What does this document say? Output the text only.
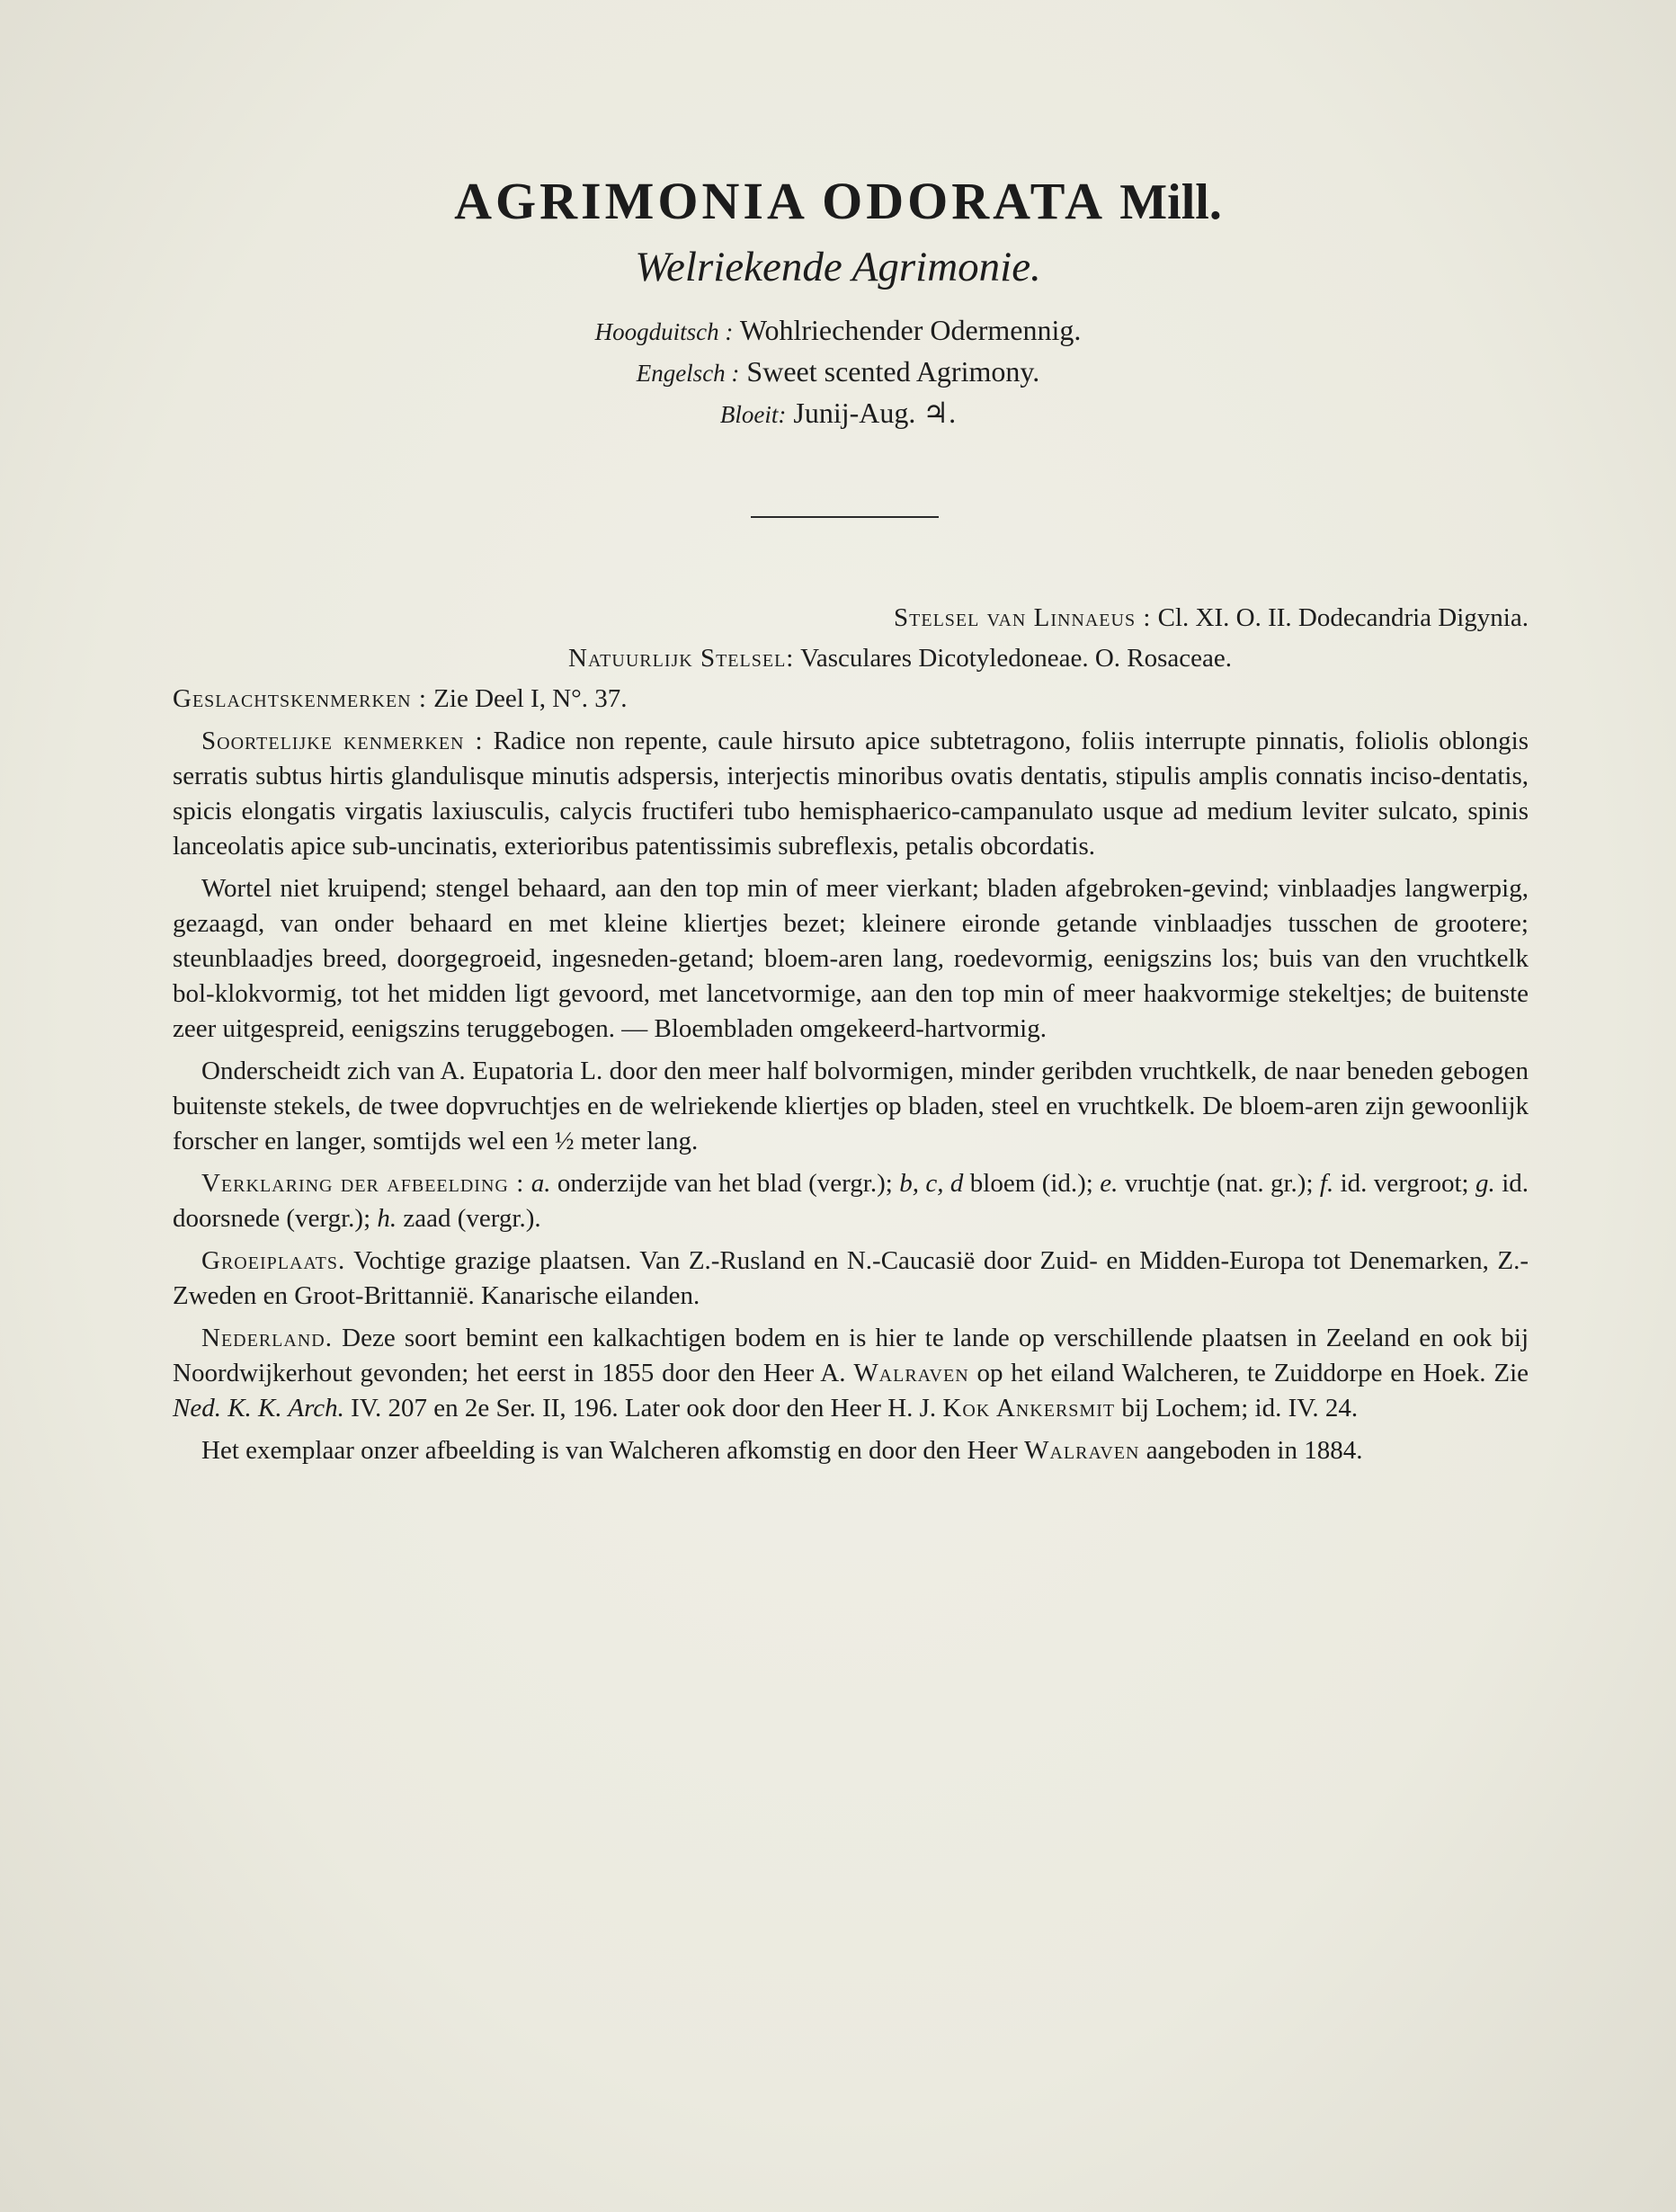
AGRIMONIA ODORATA Mill.
Welriekende Agrimonie.
Hoogduitsch : Wohlriechender Odermennig.
Engelsch : Sweet scented Agrimony.
Bloeit: Junij-Aug. ♃.

Stelsel van Linnaeus : Cl. XI. O. II. Dodecandria Digynia.

Natuurlijk Stelsel: Vasculares Dicotyledoneae. O. Rosaceae.

Geslachtskenmerken : Zie Deel I, N°. 37.

Soortelijke kenmerken : Radice non repente, caule hirsuto apice subtetragono, foliis interrupte pinnatis, foliolis oblongis serratis subtus hirtis glandulisque minutis adspersis, interjectis minoribus ovatis dentatis, stipulis amplis connatis inciso-dentatis, spicis elongatis virgatis laxiusculis, calycis fructiferi tubo hemisphaerico-campanulato usque ad medium leviter sulcato, spinis lanceolatis apice sub-uncinatis, exterioribus patentissimis subreflexis, petalis obcordatis.

Wortel niet kruipend; stengel behaard, aan den top min of meer vierkant; bladen afgebroken-gevind; vinblaadjes langwerpig, gezaagd, van onder behaard en met kleine kliertjes bezet; kleinere eironde getande vinblaadjes tusschen de grootere; steunblaadjes breed, doorgegroeid, ingesneden-getand; bloem-aren lang, roedevormig, eenigszins los; buis van den vruchtkelk bol-klokvormig, tot het midden ligt gevoord, met lancetvormige, aan den top min of meer haakvormige stekeltjes; de buitenste zeer uitgespreid, eenigszins teruggebogen. — Bloembladen omgekeerd-hartvormig.

Onderscheidt zich van A. Eupatoria L. door den meer half bolvormigen, minder geribden vruchtkelk, de naar beneden gebogen buitenste stekels, de twee dopvruchtjes en de welriekende kliertjes op bladen, steel en vruchtkelk. De bloem-aren zijn gewoonlijk forscher en langer, somtijds wel een ½ meter lang.

Verklaring der afbeelding : a. onderzijde van het blad (vergr.); b, c, d bloem (id.); e. vruchtje (nat. gr.); f. id. vergroot; g. id. doorsnede (vergr.); h. zaad (vergr.).

Groeiplaats. Vochtige grazige plaatsen. Van Z.-Rusland en N.-Caucasië door Zuid- en Midden-Europa tot Denemarken, Z.-Zweden en Groot-Brittannië. Kanarische eilanden.

Nederland. Deze soort bemint een kalkachtigen bodem en is hier te lande op verschillende plaatsen in Zeeland en ook bij Noordwijkerhout gevonden; het eerst in 1855 door den Heer A. Walraven op het eiland Walcheren, te Zuiddorpe en Hoek. Zie Ned. K. K. Arch. IV. 207 en 2e Ser. II, 196. Later ook door den Heer H. J. Kok Ankersmit bij Lochem; id. IV. 24.

Het exemplaar onzer afbeelding is van Walcheren afkomstig en door den Heer Walraven aangeboden in 1884.
